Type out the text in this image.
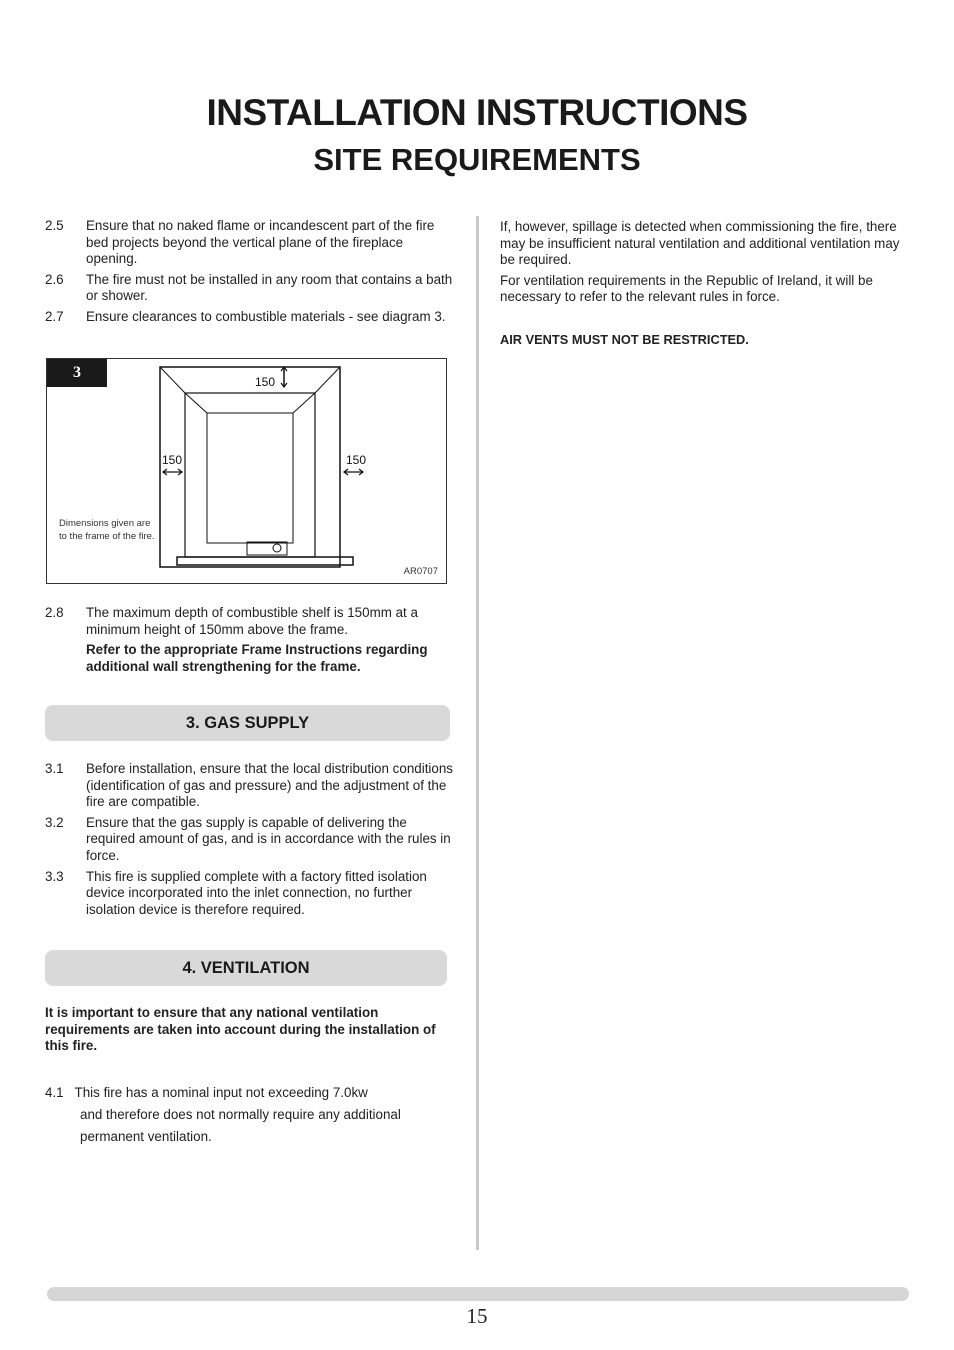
INSTALLATION INSTRUCTIONS
SITE REQUIREMENTS
2.5	Ensure that no naked flame or incandescent part of the fire bed projects beyond the vertical plane of the fireplace opening.
2.6	The fire must not be installed in any room that contains a bath or shower.
2.7	Ensure clearances to combustible materials - see diagram 3.
150
150	150
3
Dimensions given are to the frame of the fire.
AR0707
2.8	The maximum depth of combustible shelf is 150mm at a minimum height of 150mm above the frame.
Refer to the appropriate Frame Instructions regarding additional wall strengthening for the frame.
3. GAS SUPPLY
3.1	Before installation, ensure that the local distribution conditions (identification of gas and pressure) and the adjustment of the fire are compatible.
3.2	Ensure that the gas supply is capable of delivering the required amount of gas, and is in accordance with the rules in force.
3.3	This fire is supplied complete with a factory fitted isolation device incorporated into the inlet connection, no further isolation device is therefore required.
4. VENTILATION
It is important to ensure that any national ventilation requirements are taken into account during the installation of this fire.
4.1 This fire has a nominal input not exceeding 7.0kw
and therefore does not normally require any additional
permanent ventilation.
If, however, spillage is detected when commissioning the fire, there may be insufficient natural ventilation and additional ventilation may be required.
For ventilation requirements in the Republic of Ireland, it will be necessary to refer to the relevant rules in force.
AIR VENTS MUST NOT BE RESTRICTED.
15
